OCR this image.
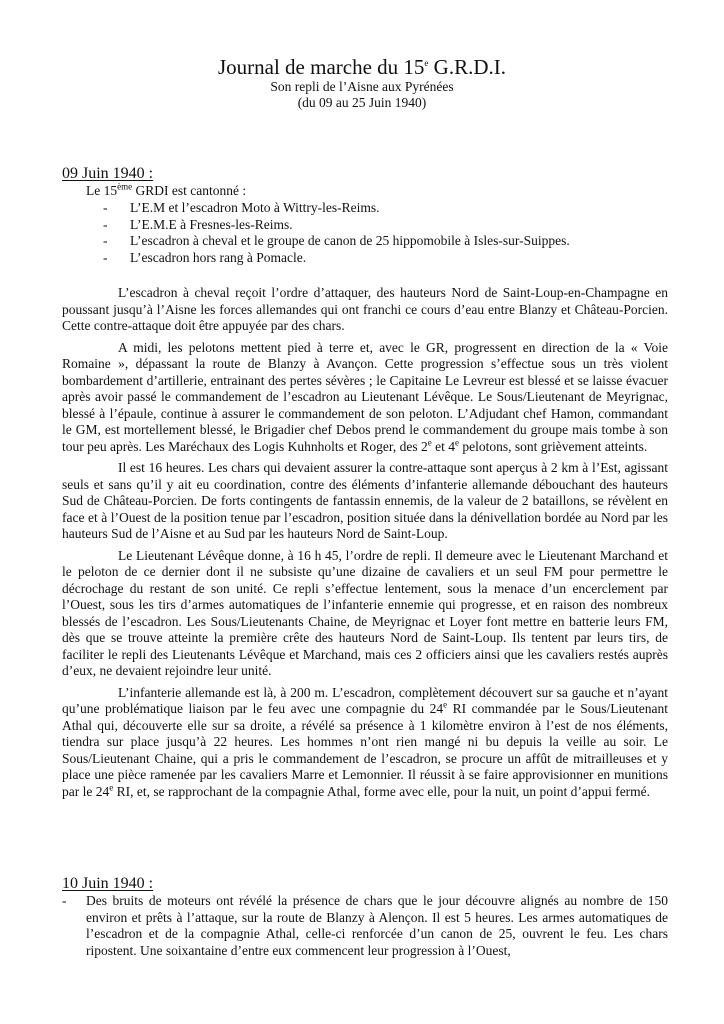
Journal de marche du 15e G.R.D.I.
Son repli de l’Aisne aux Pyrénées
(du 09 au 25 Juin 1940)
09 Juin 1940 :
Le 15ème GRDI est cantonné :
-	L’E.M et l’escadron Moto à Wittry-les-Reims.
-	L’E.M.E à Fresnes-les-Reims.
-	L’escadron à cheval et le groupe de canon de 25 hippomobile à Isles-sur-Suippes.
-	L’escadron hors rang à Pomacle.

L’escadron à cheval reçoit l’ordre d’attaquer, des hauteurs Nord de Saint-Loup-en-Champagne en poussant jusqu’à l’Aisne les forces allemandes qui ont franchi ce cours d’eau entre Blanzy et Château-Porcien. Cette contre-attaque doit être appuyée par des chars.

A midi, les pelotons mettent pied à terre et, avec le GR, progressent en direction de la « Voie Romaine », dépassant la route de Blanzy à Avançon. Cette progression s’effectue sous un très violent bombardement d’artillerie, entrainant des pertes sévères ; le Capitaine Le Levreur est blessé et se laisse évacuer après avoir passé le commandement de l’escadron au Lieutenant Lévêque. Le Sous/Lieutenant de Meyrignac, blessé à l’épaule, continue à assurer le commandement de son peloton. L’Adjudant chef Hamon, commandant le GM, est mortellement blessé, le Brigadier chef Debos prend le commandement du groupe mais tombe à son tour peu après. Les Maréchaux des Logis Kuhnholts et Roger, des 2e et 4e pelotons, sont grièvement atteints.

Il est 16 heures. Les chars qui devaient assurer la contre-attaque sont aperçus à 2 km à l’Est, agissant seuls et sans qu’il y ait eu coordination, contre des éléments d’infanterie allemande débouchant des hauteurs Sud de Château-Porcien. De forts contingents de fantassin ennemis, de la valeur de 2 bataillons, se révèlent en face et à l’Ouest de la position tenue par l’escadron, position située dans la dénivellation bordée au Nord par les hauteurs Sud de l’Aisne et au Sud par les hauteurs Nord de Saint-Loup.

Le Lieutenant Lévêque donne, à 16 h 45, l’ordre de repli. Il demeure avec le Lieutenant Marchand et le peloton de ce dernier dont il ne subsiste qu’une dizaine de cavaliers et un seul FM pour permettre le décrochage du restant de son unité. Ce repli s’effectue lentement, sous la menace d’un encerclement par l’Ouest, sous les tirs d’armes automatiques de l’infanterie ennemie qui progresse, et en raison des nombreux blessés de l’escadron. Les Sous/Lieutenants Chaine, de Meyrignac et Loyer font mettre en batterie leurs FM, dès que se trouve atteinte la première crête des hauteurs Nord de Saint-Loup. Ils tentent par leurs tirs, de faciliter le repli des Lieutenants Lévêque et Marchand, mais ces 2 officiers ainsi que les cavaliers restés auprès d’eux, ne devaient rejoindre leur unité.

L’infanterie allemande est là, à 200 m. L’escadron, complètement découvert sur sa gauche et n’ayant qu’une problématique liaison par le feu avec une compagnie du 24e RI commandée par le Sous/Lieutenant Athal qui, découverte elle sur sa droite, a révélé sa présence à 1 kilomètre environ à l’est de nos éléments, tiendra sur place jusqu’à 22 heures. Les hommes n’ont rien mangé ni bu depuis la veille au soir. Le Sous/Lieutenant Chaine, qui a pris le commandement de l’escadron, se procure un affût de mitrailleuses et y place une pièce ramenée par les cavaliers Marre et Lemonnier. Il réussit à se faire approvisionner en munitions par le 24e RI, et, se rapprochant de la compagnie Athal, forme avec elle, pour la nuit, un point d’appui fermé.

10 Juin 1940 :
- Des bruits de moteurs ont révélé la présence de chars que le jour découvre alignés au nombre de 150 environ et prêts à l’attaque, sur la route de Blanzy à Alençon. Il est 5 heures. Les armes automatiques de l’escadron et de la compagnie Athal, celle-ci renforcée d’un canon de 25, ouvrent le feu. Les chars ripostent. Une soixantaine d’entre eux commencent leur progression à l’Ouest,
